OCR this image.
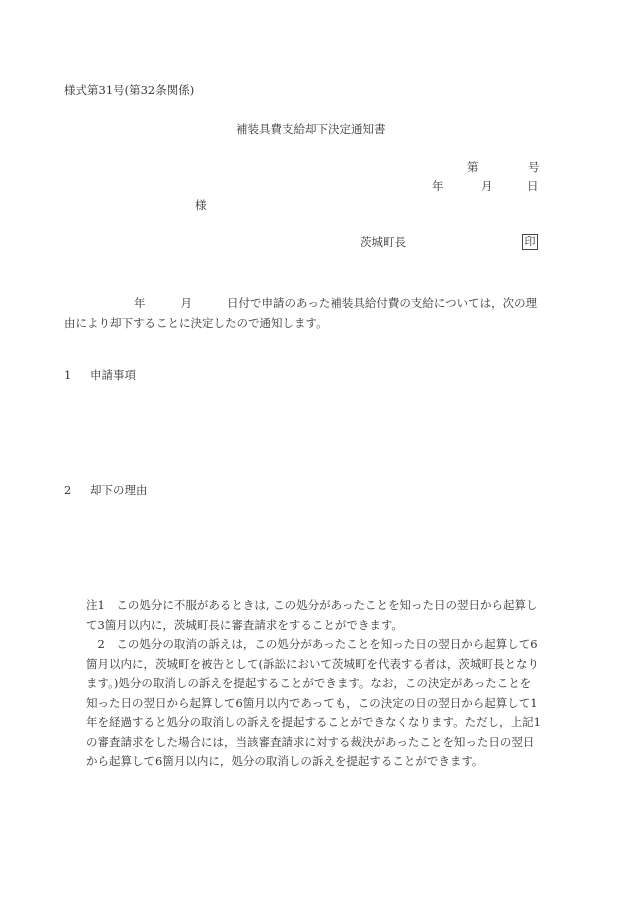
様式第31号(第32条関係)
補装具費支給却下決定通知書
第	号
年	月	日
様
茨城町長	印
年	月	日付で申請のあった補装具給付費の支給については，次の理
由により却下することに決定したので通知します。
1 申請事項
2 却下の理由
注1　この処分に不服があるときは, この処分があったことを知った日の翌日から起算し
て3箇月以内に，茨城町長に審査請求をすることができます。
　2　この処分の取消の訴えは，この処分があったことを知った日の翌日から起算して6
箇月以内に，茨城町を被告として(訴訟において茨城町を代表する者は，茨城町長となり
ます。)処分の取消しの訴えを提起することができます。なお，この決定があったことを
知った日の翌日から起算して6箇月以内であっても，この決定の日の翌日から起算して1
年を経過すると処分の取消しの訴えを提起することができなくなります。ただし，上記1
の審査請求をした場合には，当該審査請求に対する裁決があったことを知った日の翌日
から起算して6箇月以内に，処分の取消しの訴えを提起することができます。
